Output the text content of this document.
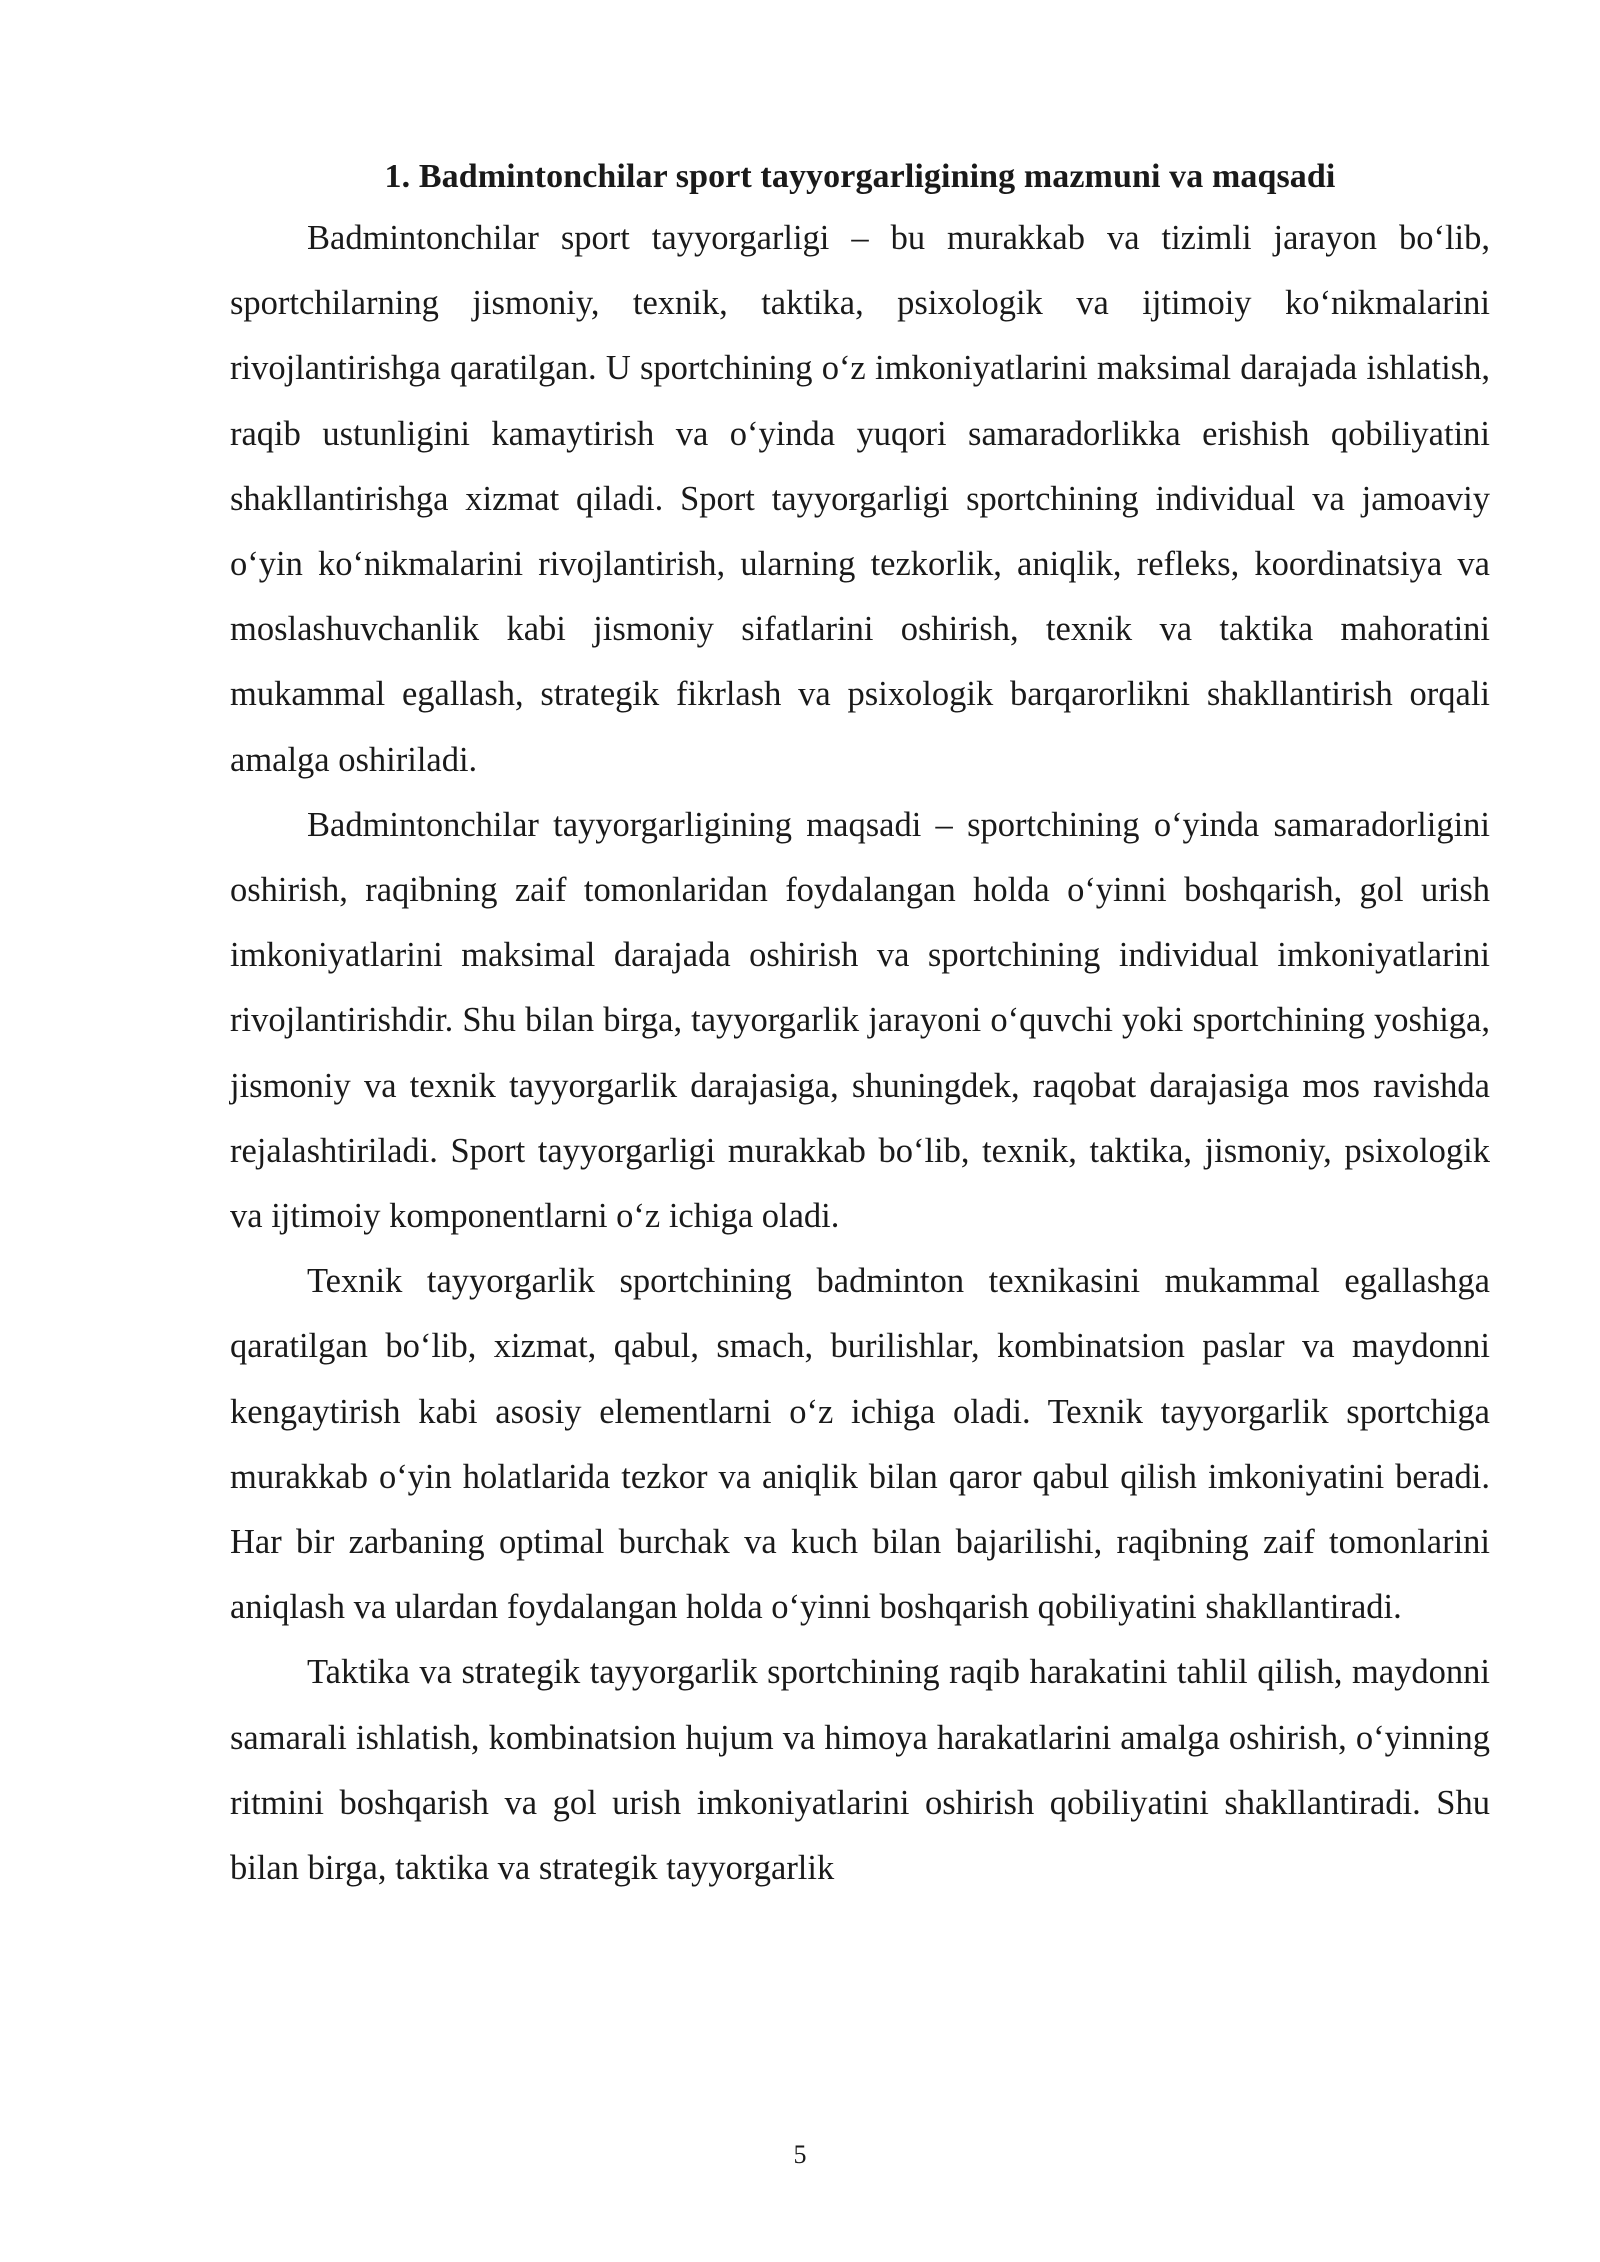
1. Badmintonchilar sport tayyorgarligining mazmuni va maqsadi

Badmintonchilar sport tayyorgarligi – bu murakkab va tizimli jarayon bo‘lib, sportchilarning jismoniy, texnik, taktika, psixologik va ijtimoiy ko‘nikmalarini rivojlantirishga qaratilgan. U sportchining o‘z imkoniyatlarini maksimal darajada ishlatish, raqib ustunligini kamaytirish va o‘yinda yuqori samaradorlikka erishish qobiliyatini shakllantirishga xizmat qiladi. Sport tayyorgarligi sportchining individual va jamoaviy o‘yin ko‘nikmalarini rivojlantirish, ularning tezkorlik, aniqlik, refleks, koordinatsiya va moslashuvchanlik kabi jismoniy sifatlarini oshirish, texnik va taktika mahoratini mukammal egallash, strategik fikrlash va psixologik barqarorlikni shakllantirish orqali amalga oshiriladi.

Badmintonchilar tayyorgarligining maqsadi – sportchining o‘yinda samaradorligini oshirish, raqibning zaif tomonlaridan foydalangan holda o‘yinni boshqarish, gol urish imkoniyatlarini maksimal darajada oshirish va sportchining individual imkoniyatlarini rivojlantirishdir. Shu bilan birga, tayyorgarlik jarayoni o‘quvchi yoki sportchining yoshiga, jismoniy va texnik tayyorgarlik darajasiga, shuningdek, raqobat darajasiga mos ravishda rejalashtiriladi. Sport tayyorgarligi murakkab bo‘lib, texnik, taktika, jismoniy, psixologik va ijtimoiy komponentlarni o‘z ichiga oladi.

Texnik tayyorgarlik sportchining badminton texnikasini mukammal egallashga qaratilgan bo‘lib, xizmat, qabul, smach, burilishlar, kombinatsion paslar va maydonni kengaytirish kabi asosiy elementlarni o‘z ichiga oladi. Texnik tayyorgarlik sportchiga murakkab o‘yin holatlarida tezkor va aniqlik bilan qaror qabul qilish imkoniyatini beradi. Har bir zarbaning optimal burchak va kuch bilan bajarilishi, raqibning zaif tomonlarini aniqlash va ulardan foydalangan holda o‘yinni boshqarish qobiliyatini shakllantiradi.

Taktika va strategik tayyorgarlik sportchining raqib harakatini tahlil qilish, maydonni samarali ishlatish, kombinatsion hujum va himoya harakatlarini amalga oshirish, o‘yinning ritmini boshqarish va gol urish imkoniyatlarini oshirish qobiliyatini shakllantiradi. Shu bilan birga, taktika va strategik tayyorgarlik

5
